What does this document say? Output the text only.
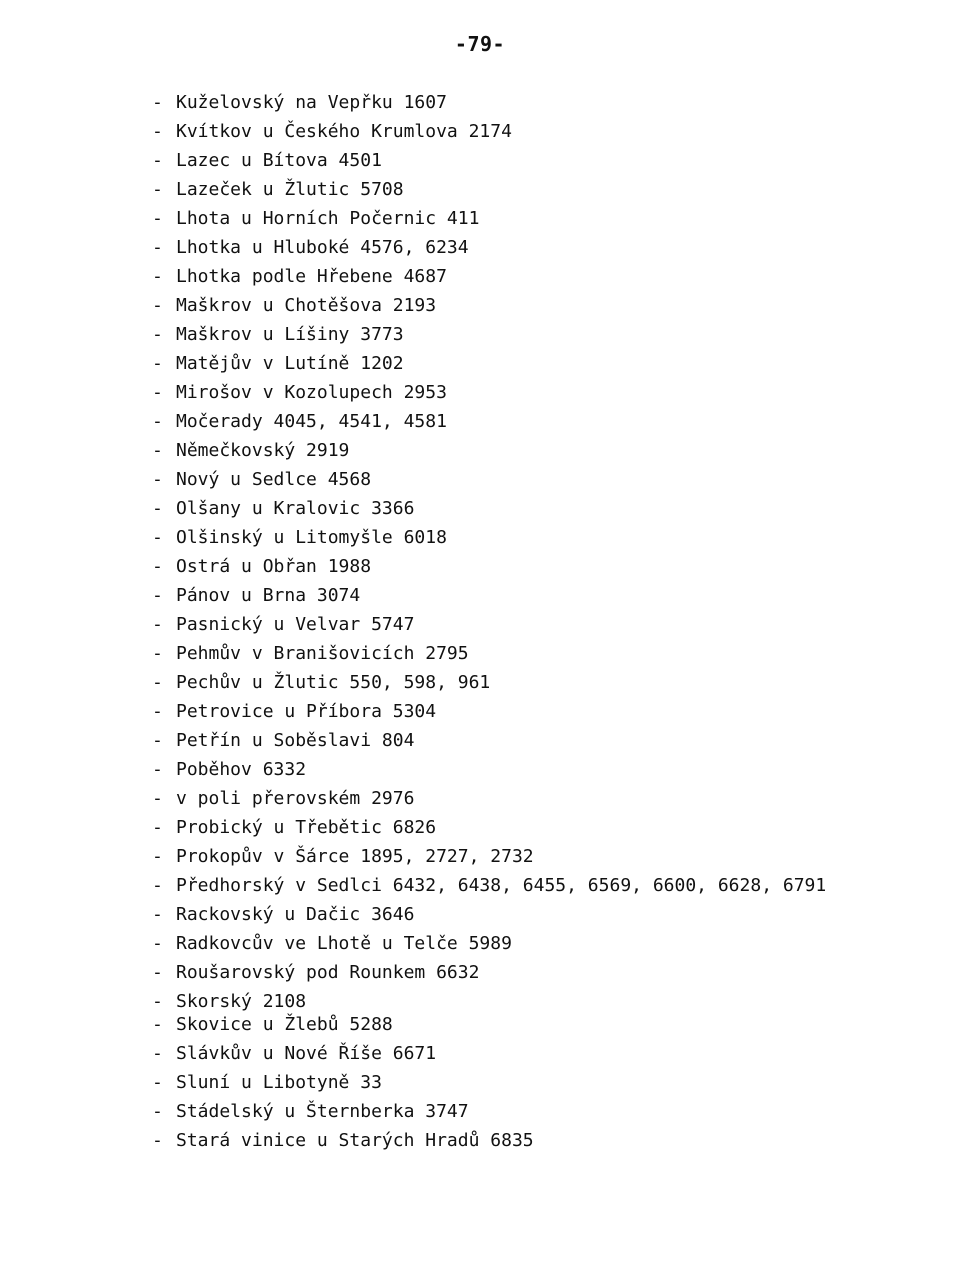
-79-
- Kuželovský na Vepřku 1607
- Kvítkov u Českého Krumlova 2174
- Lazec u Bítova 4501
- Lazeček u Žlutic 5708
- Lhota u Horních Počernic 411
- Lhotka u Hluboké 4576, 6234
- Lhotka podle Hřebene 4687
- Maškrov u Chotěšova 2193
- Maškrov u Líšiny 3773
- Matějův v Lutíně 1202
- Mirošov v Kozolupech 2953
- Močerady 4045, 4541, 4581
- Němečkovský 2919
- Nový u Sedlce 4568
- Olšany u Kralovic 3366
- Olšinský u Litomyšle 6018
- Ostrá u Obřan 1988
- Pánov u Brna 3074
- Pasnický u Velvar 5747
- Pehmův v Branišovicích 2795
- Pechův u Žlutic 550, 598, 961
- Petrovice u Příbora 5304
- Petřín u Soběslavi 804
- Poběhov 6332
- v poli přerovském 2976
- Probický u Třebětic 6826
- Prokopův v Šárce 1895, 2727, 2732
- Předhorský v Sedlci 6432, 6438, 6455, 6569, 6600, 6628, 6791
- Rackovský u Dačic 3646
- Radkovcův ve Lhotě u Telče 5989
- Roušarovský pod Rounkem 6632
- Skorský 2108
- Skovice u Žlebů 5288
- Slávkův u Nové Říše 6671
- Sluní u Libotyně 33
- Stádelský u Šternberka 3747
- Stará vinice u Starých Hradů 6835
